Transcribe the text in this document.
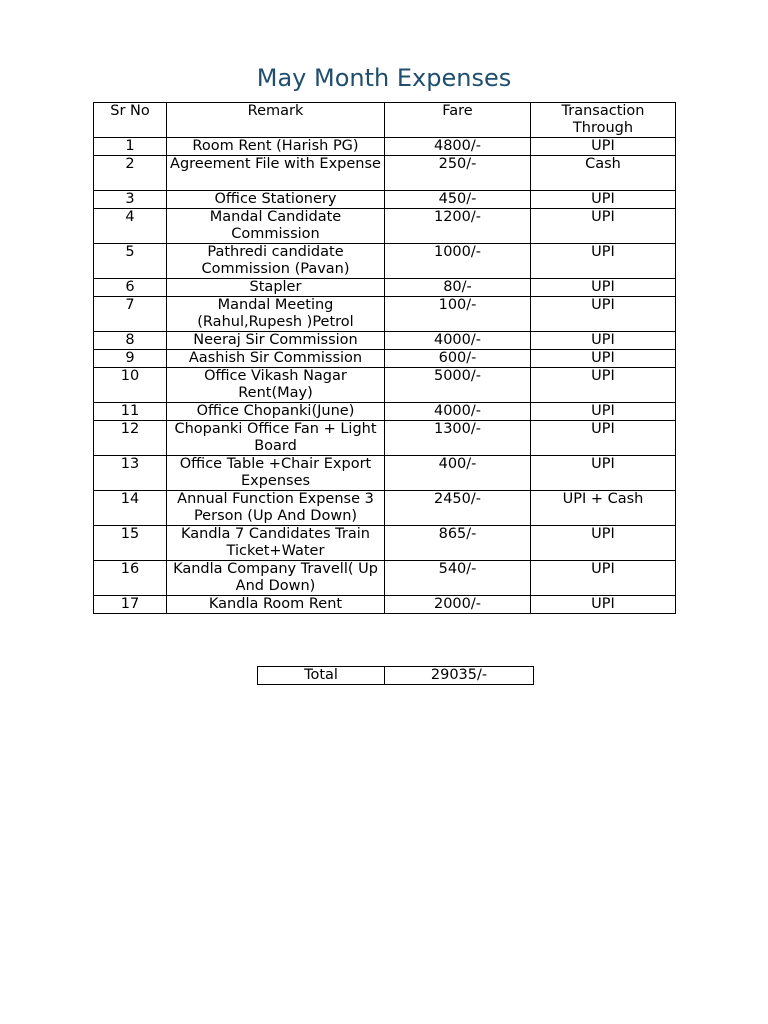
May Month Expenses
Sr No	Remark	Fare	Transaction Through
1	Room Rent (Harish PG)	4800/-	UPI
2	Agreement File with Expense	250/-	Cash
3	Office Stationery	450/-	UPI
4	Mandal Candidate Commission	1200/-	UPI
5	Pathredi candidate Commission (Pavan)	1000/-	UPI
6	Stapler	80/-	UPI
7	Mandal Meeting (Rahul,Rupesh )Petrol	100/-	UPI
8	Neeraj Sir Commission	4000/-	UPI
9	Aashish Sir Commission	600/-	UPI
10	Office Vikash Nagar Rent(May)	5000/-	UPI
11	Office Chopanki(June)	4000/-	UPI
12	Chopanki Office Fan + Light Board	1300/-	UPI
13	Office Table +Chair Export Expenses	400/-	UPI
14	Annual Function Expense 3 Person (Up And Down)	2450/-	UPI + Cash
15	Kandla 7 Candidates Train Ticket+Water	865/-	UPI
16	Kandla Company Travell( Up And Down)	540/-	UPI
17	Kandla Room Rent	2000/-	UPI
Total	29035/-
